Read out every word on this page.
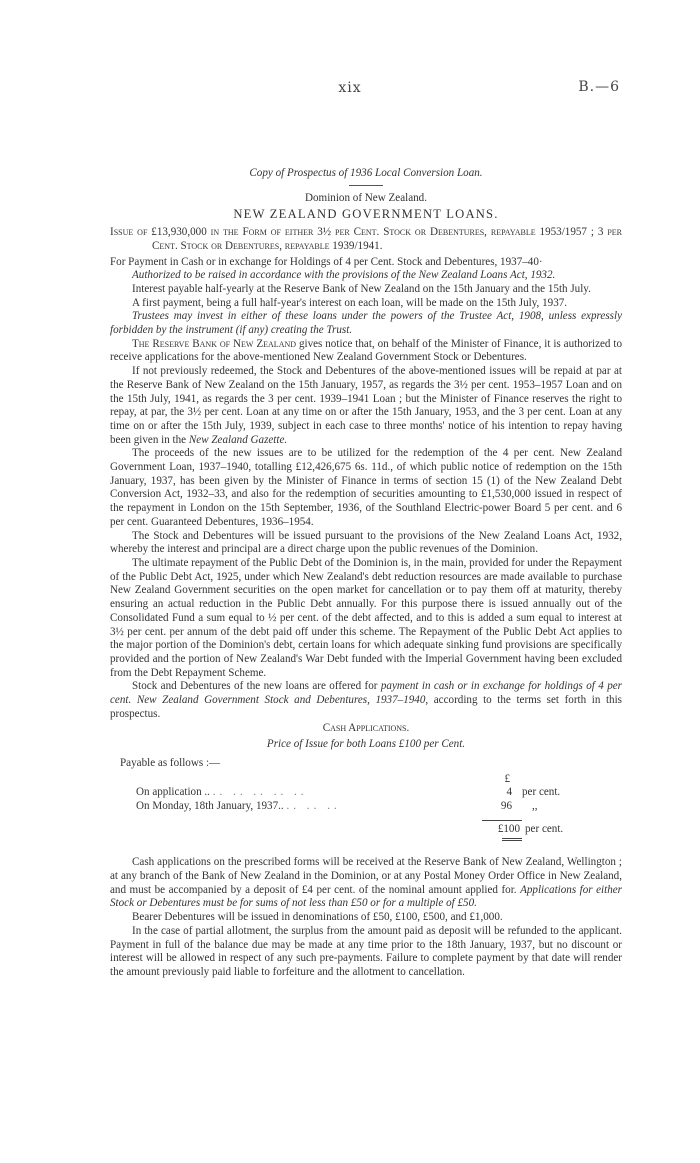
xix	B.—6

Copy of Prospectus of 1936 Local Conversion Loan.

Dominion of New Zealand.

NEW ZEALAND GOVERNMENT LOANS.

Issue of £13,930,000 in the Form of either 3½ per Cent. Stock or Debentures, repayable 1953/1957 ; 3 per Cent. Stock or Debentures, repayable 1939/1941.

For Payment in Cash or in exchange for Holdings of 4 per Cent. Stock and Debentures, 1937–40·

Authorized to be raised in accordance with the provisions of the New Zealand Loans Act, 1932.

Interest payable half-yearly at the Reserve Bank of New Zealand on the 15th January and the 15th July.

A first payment, being a full half-year's interest on each loan, will be made on the 15th July, 1937.

Trustees may invest in either of these loans under the powers of the Trustee Act, 1908, unless expressly forbidden by the instrument (if any) creating the Trust.

The Reserve Bank of New Zealand gives notice that, on behalf of the Minister of Finance, it is authorized to receive applications for the above-mentioned New Zealand Government Stock or Debentures.

If not previously redeemed, the Stock and Debentures of the above-mentioned issues will be repaid at par at the Reserve Bank of New Zealand on the 15th January, 1957, as regards the 3½ per cent. 1953–1957 Loan and on the 15th July, 1941, as regards the 3 per cent. 1939–1941 Loan ; but the Minister of Finance reserves the right to repay, at par, the 3½ per cent. Loan at any time on or after the 15th January, 1953, and the 3 per cent. Loan at any time on or after the 15th July, 1939, subject in each case to three months' notice of his intention to repay having been given in the New Zealand Gazette.

The proceeds of the new issues are to be utilized for the redemption of the 4 per cent. New Zealand Government Loan, 1937–1940, totalling £12,426,675 6s. 11d., of which public notice of redemption on the 15th January, 1937, has been given by the Minister of Finance in terms of section 15 (1) of the New Zealand Debt Conversion Act, 1932–33, and also for the redemption of securities amounting to £1,530,000 issued in respect of the repayment in London on the 15th September, 1936, of the Southland Electric-power Board 5 per cent. and 6 per cent. Guaranteed Debentures, 1936–1954.

The Stock and Debentures will be issued pursuant to the provisions of the New Zealand Loans Act, 1932, whereby the interest and principal are a direct charge upon the public revenues of the Dominion.

The ultimate repayment of the Public Debt of the Dominion is, in the main, provided for under the Repayment of the Public Debt Act, 1925, under which New Zealand's debt reduction resources are made available to purchase New Zealand Government securities on the open market for cancellation or to pay them off at maturity, thereby ensuring an actual reduction in the Public Debt annually. For this purpose there is issued annually out of the Consolidated Fund a sum equal to ½ per cent. of the debt affected, and to this is added a sum equal to interest at 3½ per cent. per annum of the debt paid off under this scheme. The Repayment of the Public Debt Act applies to the major portion of the Dominion's debt, certain loans for which adequate sinking fund provisions are specifically provided and the portion of New Zealand's War Debt funded with the Imperial Government having been excluded from the Debt Repayment Scheme.

Stock and Debentures of the new loans are offered for payment in cash or in exchange for holdings of 4 per cent. New Zealand Government Stock and Debentures, 1937–1940, according to the terms set forth in this prospectus.

Cash Applications.

Price of Issue for both Loans £100 per Cent.

Payable as follows :—

	£	
On application .. .. .. .. .. ..	4	per cent.
On Monday, 18th January, 1937.. .. .. ..	96	,,

	£100	per cent.

Cash applications on the prescribed forms will be received at the Reserve Bank of New Zealand, Wellington ; at any branch of the Bank of New Zealand in the Dominion, or at any Postal Money Order Office in New Zealand, and must be accompanied by a deposit of £4 per cent. of the nominal amount applied for. Applications for either Stock or Debentures must be for sums of not less than £50 or for a multiple of £50.

Bearer Debentures will be issued in denominations of £50, £100, £500, and £1,000.

In the case of partial allotment, the surplus from the amount paid as deposit will be refunded to the applicant. Payment in full of the balance due may be made at any time prior to the 18th January, 1937, but no discount or interest will be allowed in respect of any such pre-payments. Failure to complete payment by that date will render the amount previously paid liable to forfeiture and the allotment to cancellation.
